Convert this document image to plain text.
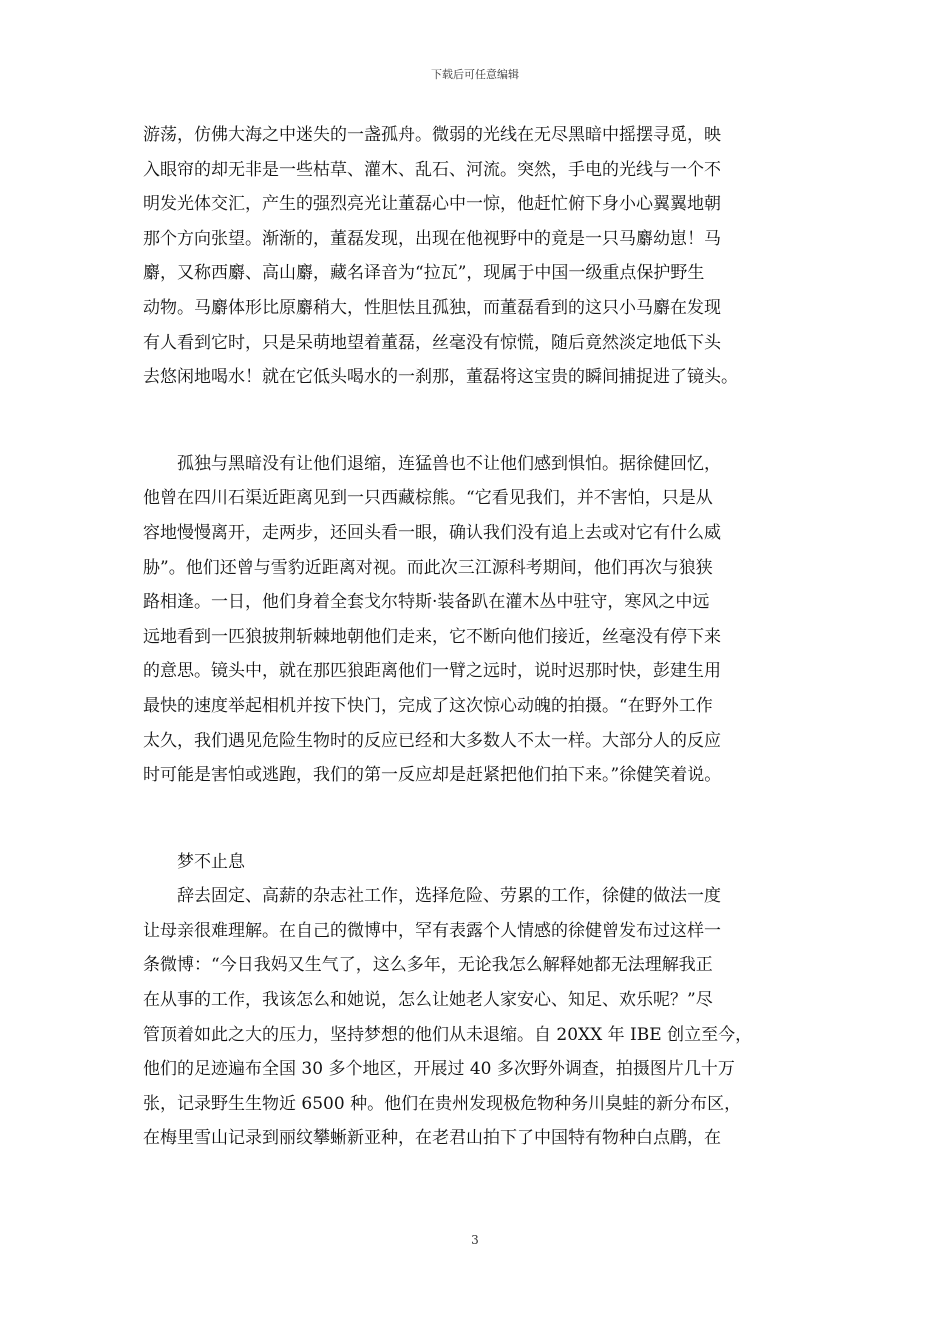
下载后可任意编辑
游荡，仿佛大海之中迷失的一盏孤舟。微弱的光线在无尽黑暗中摇摆寻觅，映
入眼帘的却无非是一些枯草、灌木、乱石、河流。突然，手电的光线与一个不
明发光体交汇，产生的强烈亮光让董磊心中一惊，他赶忙俯下身小心翼翼地朝
那个方向张望。渐渐的，董磊发现，出现在他视野中的竟是一只马麝幼崽！马
麝，又称西麝、高山麝，藏名译音为“拉瓦”，现属于中国一级重点保护野生
动物。马麝体形比原麝稍大，性胆怯且孤独，而董磊看到的这只小马麝在发现
有人看到它时，只是呆萌地望着董磊，丝毫没有惊慌，随后竟然淡定地低下头
去悠闲地喝水！就在它低头喝水的一刹那，董磊将这宝贵的瞬间捕捉进了镜头。
孤独与黑暗没有让他们退缩，连猛兽也不让他们感到惧怕。据徐健回忆，
他曾在四川石渠近距离见到一只西藏棕熊。“它看见我们，并不害怕，只是从
容地慢慢离开，走两步，还回头看一眼，确认我们没有追上去或对它有什么威
胁”。他们还曾与雪豹近距离对视。而此次三江源科考期间，他们再次与狼狭
路相逢。一日，他们身着全套戈尔特斯·装备趴在灌木丛中驻守，寒风之中远
远地看到一匹狼披荆斩棘地朝他们走来，它不断向他们接近，丝毫没有停下来
的意思。镜头中，就在那匹狼距离他们一臂之远时，说时迟那时快，彭建生用
最快的速度举起相机并按下快门，完成了这次惊心动魄的拍摄。“在野外工作
太久，我们遇见危险生物时的反应已经和大多数人不太一样。大部分人的反应
时可能是害怕或逃跑，我们的第一反应却是赶紧把他们拍下来。”徐健笑着说。
梦不止息
辞去固定、高薪的杂志社工作，选择危险、劳累的工作，徐健的做法一度
让母亲很难理解。在自己的微博中，罕有表露个人情感的徐健曾发布过这样一
条微博：“今日我妈又生气了，这么多年，无论我怎么解释她都无法理解我正
在从事的工作，我该怎么和她说，怎么让她老人家安心、知足、欢乐呢？”尽
管顶着如此之大的压力，坚持梦想的他们从未退缩。自 20XX 年 IBE 创立至今，
他们的足迹遍布全国 30 多个地区，开展过 40 多次野外调查，拍摄图片几十万
张，记录野生生物近 6500 种。他们在贵州发现极危物种务川臭蛙的新分布区，
在梅里雪山记录到丽纹攀蜥新亚种，在老君山拍下了中国特有物种白点鹛，在
3
